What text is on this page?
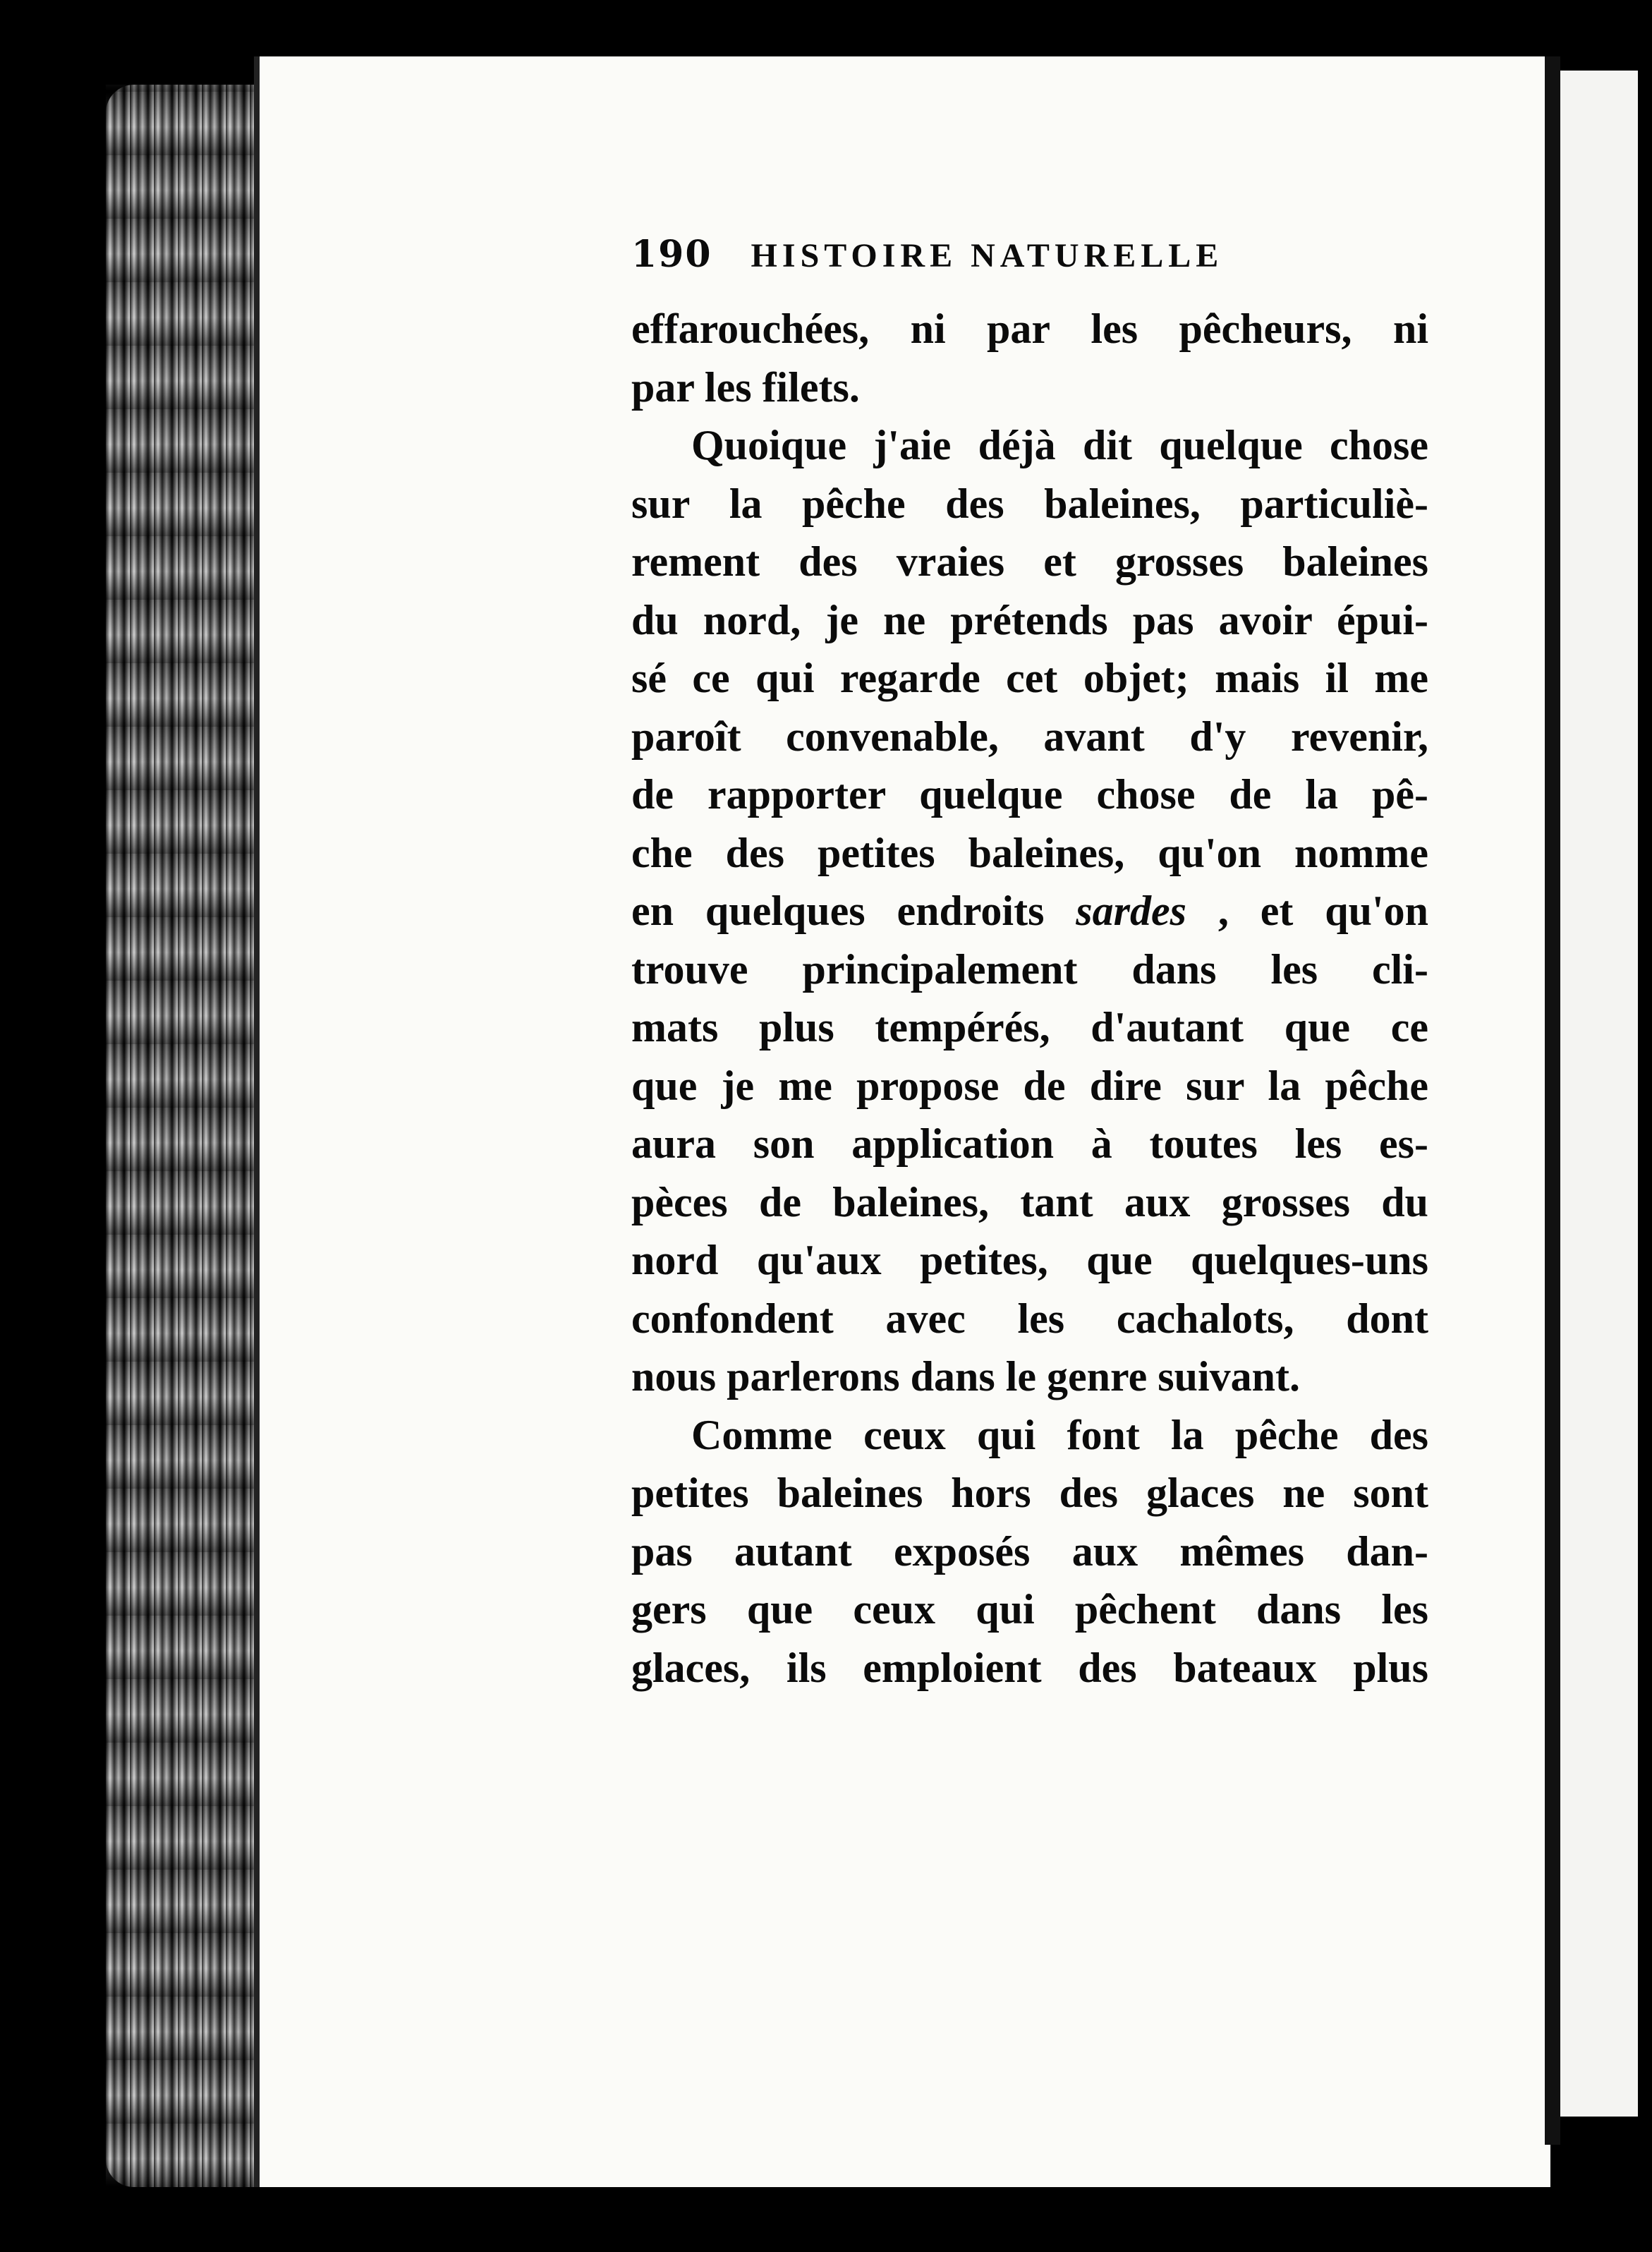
190 HISTOIRE NATURELLE
effarouchées, ni par les pêcheurs, ni
par les filets.
Quoique j'aie déjà dit quelque chose
sur la pêche des baleines, particuliè-
rement des vraies et grosses baleines
du nord, je ne prétends pas avoir épui-
sé ce qui regarde cet objet; mais il me
paroît convenable, avant d'y revenir,
de rapporter quelque chose de la pê-
che des petites baleines, qu'on nomme
en quelques endroits sardes , et qu'on
trouve principalement dans les cli-
mats plus tempérés, d'autant que ce
que je me propose de dire sur la pêche
aura son application à toutes les es-
pèces de baleines, tant aux grosses du
nord qu'aux petites, que quelques-uns
confondent avec les cachalots, dont
nous parlerons dans le genre suivant.
Comme ceux qui font la pêche des
petites baleines hors des glaces ne sont
pas autant exposés aux mêmes dan-
gers que ceux qui pêchent dans les
glaces, ils emploient des bateaux plus
